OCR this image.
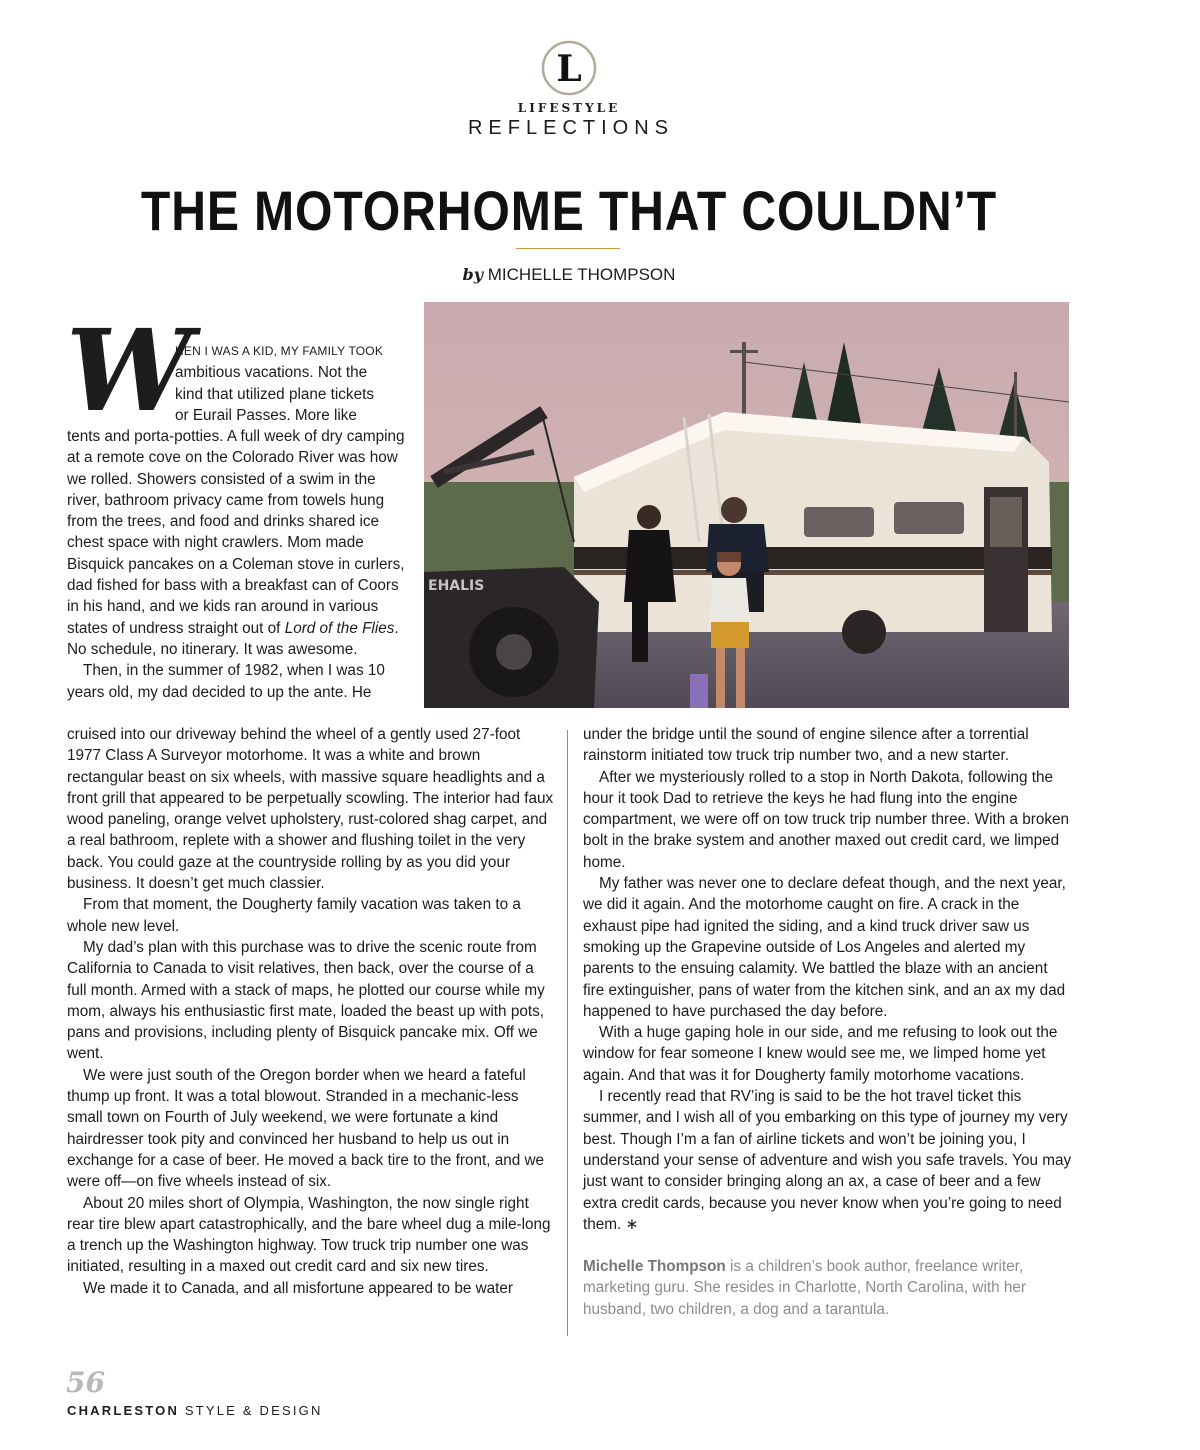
L
LIFESTYLE
REFLECTIONS
THE MOTORHOME THAT COULDN’T
by MICHELLE THOMPSON
EHALIS
W

HEN I WAS A KID, MY FAMILY TOOK

ambitious vacations. Not the

kind that utilized plane tickets

or Eurail Passes. More like

tents and porta-potties. A full week of dry camping at a remote cove on the Colorado River was how we rolled. Showers consisted of a swim in the river, bathroom privacy came from towels hung from the trees, and food and drinks shared ice chest space with night crawlers. Mom made Bisquick pancakes on a Coleman stove in curlers, dad fished for bass with a breakfast can of Coors in his hand, and we kids ran around in various states of undress straight out of Lord of the Flies. No schedule, no itinerary. It was awesome.

Then, in the summer of 1982, when I was 10 years old, my dad decided to up the ante. He

cruised into our driveway behind the wheel of a gently used 27-foot 1977 Class A Surveyor motorhome. It was a white and brown rectangular beast on six wheels, with massive square headlights and a front grill that appeared to be perpetually scowling. The interior had faux wood paneling, orange velvet upholstery, rust-colored shag carpet, and a real bathroom, replete with a shower and flushing toilet in the very back. You could gaze at the countryside rolling by as you did your business. It doesn’t get much classier.

From that moment, the Dougherty family vacation was taken to a whole new level.

My dad’s plan with this purchase was to drive the scenic route from California to Canada to visit relatives, then back, over the course of a full month. Armed with a stack of maps, he plotted our course while my mom, always his enthusiastic first mate, loaded the beast up with pots, pans and provisions, including plenty of Bisquick pancake mix. Off we went.

We were just south of the Oregon border when we heard a fateful thump up front. It was a total blowout. Stranded in a mechanic-less small town on Fourth of July weekend, we were fortunate a kind hairdresser took pity and convinced her husband to help us out in exchange for a case of beer. He moved a back tire to the front, and we were off—on five wheels instead of six.

About 20 miles short of Olympia, Washington, the now single right rear tire blew apart catastrophically, and the bare wheel dug a mile-long a trench up the Washington highway. Tow truck trip number one was initiated, resulting in a maxed out credit card and six new tires.

We made it to Canada, and all misfortune appeared to be water

under the bridge until the sound of engine silence after a torrential rainstorm initiated tow truck trip number two, and a new starter.

After we mysteriously rolled to a stop in North Dakota, following the hour it took Dad to retrieve the keys he had flung into the engine compartment, we were off on tow truck trip number three. With a broken bolt in the brake system and another maxed out credit card, we limped home.

My father was never one to declare defeat though, and the next year, we did it again. And the motorhome caught on fire. A crack in the exhaust pipe had ignited the siding, and a kind truck driver saw us smoking up the Grapevine outside of Los Angeles and alerted my parents to the ensuing calamity. We battled the blaze with an ancient fire extinguisher, pans of water from the kitchen sink, and an ax my dad happened to have purchased the day before.

With a huge gaping hole in our side, and me refusing to look out the window for fear someone I knew would see me, we limped home yet again. And that was it for Dougherty family motorhome vacations.

I recently read that RV’ing is said to be the hot travel ticket this summer, and I wish all of you embarking on this type of journey my very best. Though I’m a fan of airline tickets and won’t be joining you, I understand your sense of adventure and wish you safe travels. You may just want to consider bringing along an ax, a case of beer and a few extra credit cards, because you never know when you’re going to need them. ∗

Michelle Thompson is a children’s book author, freelance writer, marketing guru. She resides in Charlotte, North Carolina, with her husband, two children, a dog and a tarantula.

56
CHARLESTON STYLE & DESIGN
